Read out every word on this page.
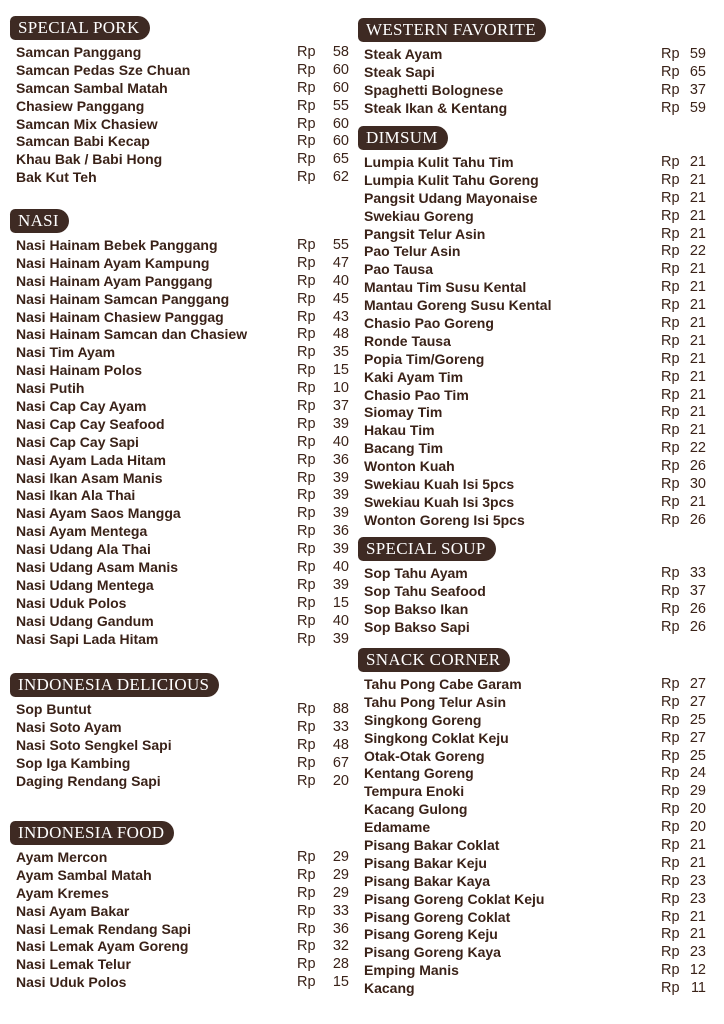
SPECIAL PORK
Samcan Panggang	Rp	58
Samcan Pedas Sze Chuan	Rp	60
Samcan Sambal Matah	Rp	60
Chasiew Panggang	Rp	55
Samcan Mix Chasiew	Rp	60
Samcan Babi Kecap	Rp	60
Khau Bak / Babi Hong	Rp	65
Bak Kut Teh	Rp	62
NASI
Nasi Hainam Bebek Panggang	Rp	55
Nasi Hainam Ayam Kampung	Rp	47
Nasi Hainam Ayam Panggang	Rp	40
Nasi Hainam Samcan Panggang	Rp	45
Nasi Hainam Chasiew Panggag	Rp	43
Nasi Hainam Samcan dan Chasiew	Rp	48
Nasi Tim Ayam	Rp	35
Nasi Hainam Polos	Rp	15
Nasi Putih	Rp	10
Nasi Cap Cay Ayam	Rp	37
Nasi Cap Cay Seafood	Rp	39
Nasi Cap Cay Sapi	Rp	40
Nasi Ayam Lada Hitam	Rp	36
Nasi Ikan Asam Manis	Rp	39
Nasi Ikan Ala Thai	Rp	39
Nasi Ayam Saos Mangga	Rp	39
Nasi Ayam Mentega	Rp	36
Nasi Udang Ala Thai	Rp	39
Nasi Udang Asam Manis	Rp	40
Nasi Udang Mentega	Rp	39
Nasi Uduk Polos	Rp	15
Nasi Udang Gandum	Rp	40
Nasi Sapi Lada Hitam	Rp	39
INDONESIA DELICIOUS
Sop Buntut	Rp	88
Nasi Soto Ayam	Rp	33
Nasi Soto Sengkel Sapi	Rp	48
Sop Iga Kambing	Rp	67
Daging Rendang Sapi	Rp	20
INDONESIA FOOD
Ayam Mercon	Rp	29
Ayam Sambal Matah	Rp	29
Ayam Kremes	Rp	29
Nasi Ayam Bakar	Rp	33
Nasi Lemak Rendang Sapi	Rp	36
Nasi Lemak Ayam Goreng	Rp	32
Nasi Lemak Telur	Rp	28
Nasi Uduk Polos	Rp	15
WESTERN FAVORITE
Steak Ayam	Rp 59
Steak Sapi	Rp 65
Spaghetti Bolognese	Rp 37
Steak Ikan & Kentang	Rp 59
DIMSUM
Lumpia Kulit Tahu Tim	Rp 21
Lumpia Kulit Tahu Goreng	Rp 21
Pangsit Udang Mayonaise	Rp 21
Swekiau Goreng	Rp 21
Pangsit Telur Asin	Rp 21
Pao Telur Asin	Rp 22
Pao Tausa	Rp 21
Mantau Tim Susu Kental	Rp 21
Mantau Goreng Susu Kental	Rp 21
Chasio Pao Goreng	Rp 21
Ronde Tausa	Rp 21
Popia Tim/Goreng	Rp 21
Kaki Ayam Tim	Rp 21
Chasio Pao Tim	Rp 21
Siomay Tim	Rp 21
Hakau Tim	Rp 21
Bacang Tim	Rp 22
Wonton Kuah	Rp 26
Swekiau Kuah Isi 5pcs	Rp 30
Swekiau Kuah Isi 3pcs	Rp 21
Wonton Goreng Isi 5pcs	Rp 26
SPECIAL SOUP
Sop Tahu Ayam	Rp 33
Sop Tahu Seafood	Rp 37
Sop Bakso Ikan	Rp 26
Sop Bakso Sapi	Rp 26
SNACK CORNER
Tahu Pong Cabe Garam	Rp 27
Tahu Pong Telur Asin	Rp 27
Singkong Goreng	Rp 25
Singkong Coklat Keju	Rp 27
Otak-Otak Goreng	Rp 25
Kentang Goreng	Rp 24
Tempura Enoki	Rp 29
Kacang Gulong	Rp 20
Edamame	Rp 20
Pisang Bakar Coklat	Rp 21
Pisang Bakar Keju	Rp 21
Pisang Bakar Kaya	Rp 23
Pisang Goreng Coklat Keju	Rp 23
Pisang Goreng Coklat	Rp 21
Pisang Goreng Keju	Rp 21
Pisang Goreng Kaya	Rp 23
Emping Manis	Rp 12
Kacang	Rp 11
